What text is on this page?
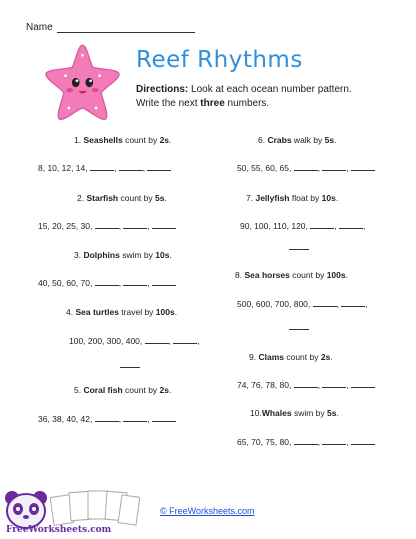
Name
Reef Rhythms
Directions: Look at each ocean number pattern.
Write the next three numbers.
1. Seashells count by 2s.
8, 10, 12, 14,	,	,
2. Starfish count by 5s.
15, 20, 25, 30,	,	,
3. Dolphins swim by 10s.
40, 50, 60, 70,	,	,
4. Sea turtles travel by 100s.
100, 200, 300, 400,	,	,
5. Coral fish count by 2s.
36, 38, 40, 42,	,	,
6. Crabs walk by 5s.
50, 55, 60, 65,	,	,
7. Jellyfish float by 10s.
90, 100, 110, 120,	,	,
8. Sea horses count by 100s.
500, 600, 700, 800,	,	,
9. Clams count by 2s.
74, 76, 78, 80,	,	,
10.Whales swim by 5s.
65, 70, 75, 80,	,	,
FreeWorksheets.com
© FreeWorksheets.com
